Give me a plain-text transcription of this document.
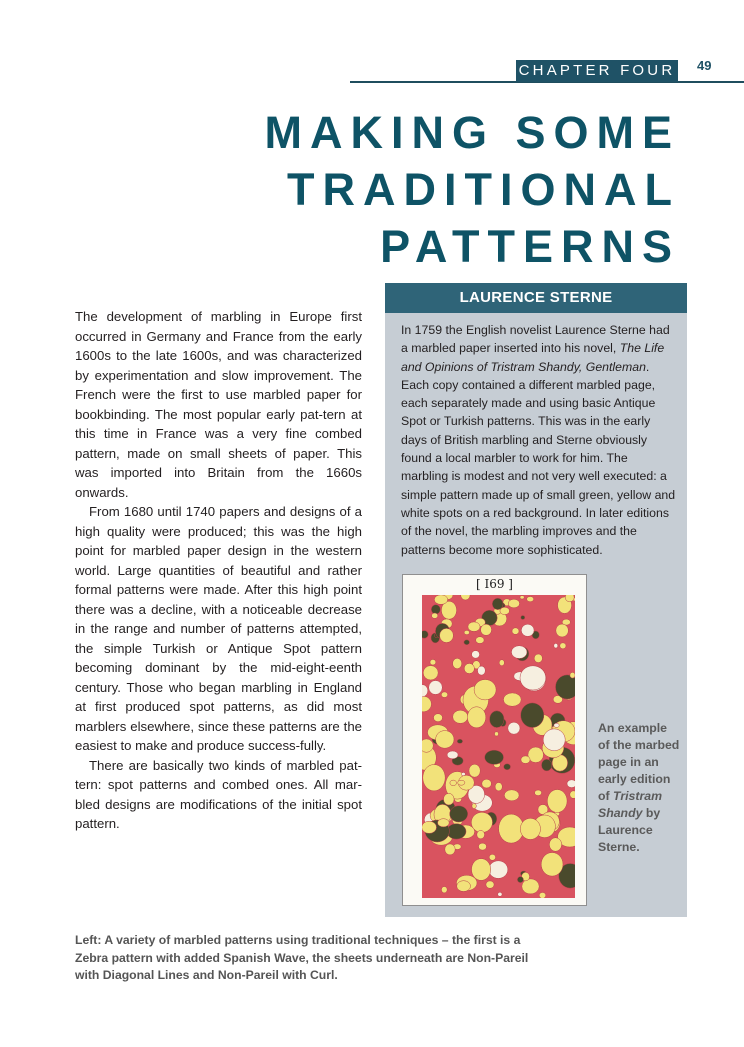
CHAPTER FOUR 49
MAKING SOME
TRADITIONAL
PATTERNS

The development of marbling in Europe first occurred in Germany and France from the early 1600s to the late 1600s, and was characterized by experimentation and slow improvement. The French were the first to use marbled paper for bookbinding. The most popular early pat-tern at this time in France was a very fine combed pattern, made on small sheets of paper. This was imported into Britain from the 1660s onwards.

From 1680 until 1740 papers and designs of a high quality were produced; this was the high point for marbled paper design in the western world. Large quantities of beautiful and rather formal patterns were made. After this high point there was a decline, with a noticeable decrease in the range and number of patterns attempted, the simple Turkish or Antique Spot pattern becoming dominant by the mid-eight-eenth century. Those who began marbling in England at first produced spot patterns, as did most marblers elsewhere, since these patterns are the easiest to make and produce success-fully.

There are basically two kinds of marbled pat-tern: spot patterns and combed ones. All mar-bled designs are modifications of the initial spot pattern.

LAURENCE STERNE

In 1759 the English novelist Laurence Sterne had a marbled paper inserted into his novel, The Life and Opinions of Tristram Shandy, Gentleman. Each copy contained a different marbled page, each separately made and using basic Antique Spot or Turkish patterns. This was in the early days of British marbling and Sterne obviously found a local marbler to work for him. The marbling is modest and not very well executed: a simple pattern made up of small green, yellow and white spots on a red background. In later editions of the novel, the marbling improves and the patterns become more sophisticated.

[ I69 ]
An example of the marbed page in an early edition of Tristram Shandy by Laurence Sterne.
Left: A variety of marbled patterns using traditional techniques – the first is a Zebra pattern with added Spanish Wave, the sheets underneath are Non-Pareil with Diagonal Lines and Non-Pareil with Curl.
